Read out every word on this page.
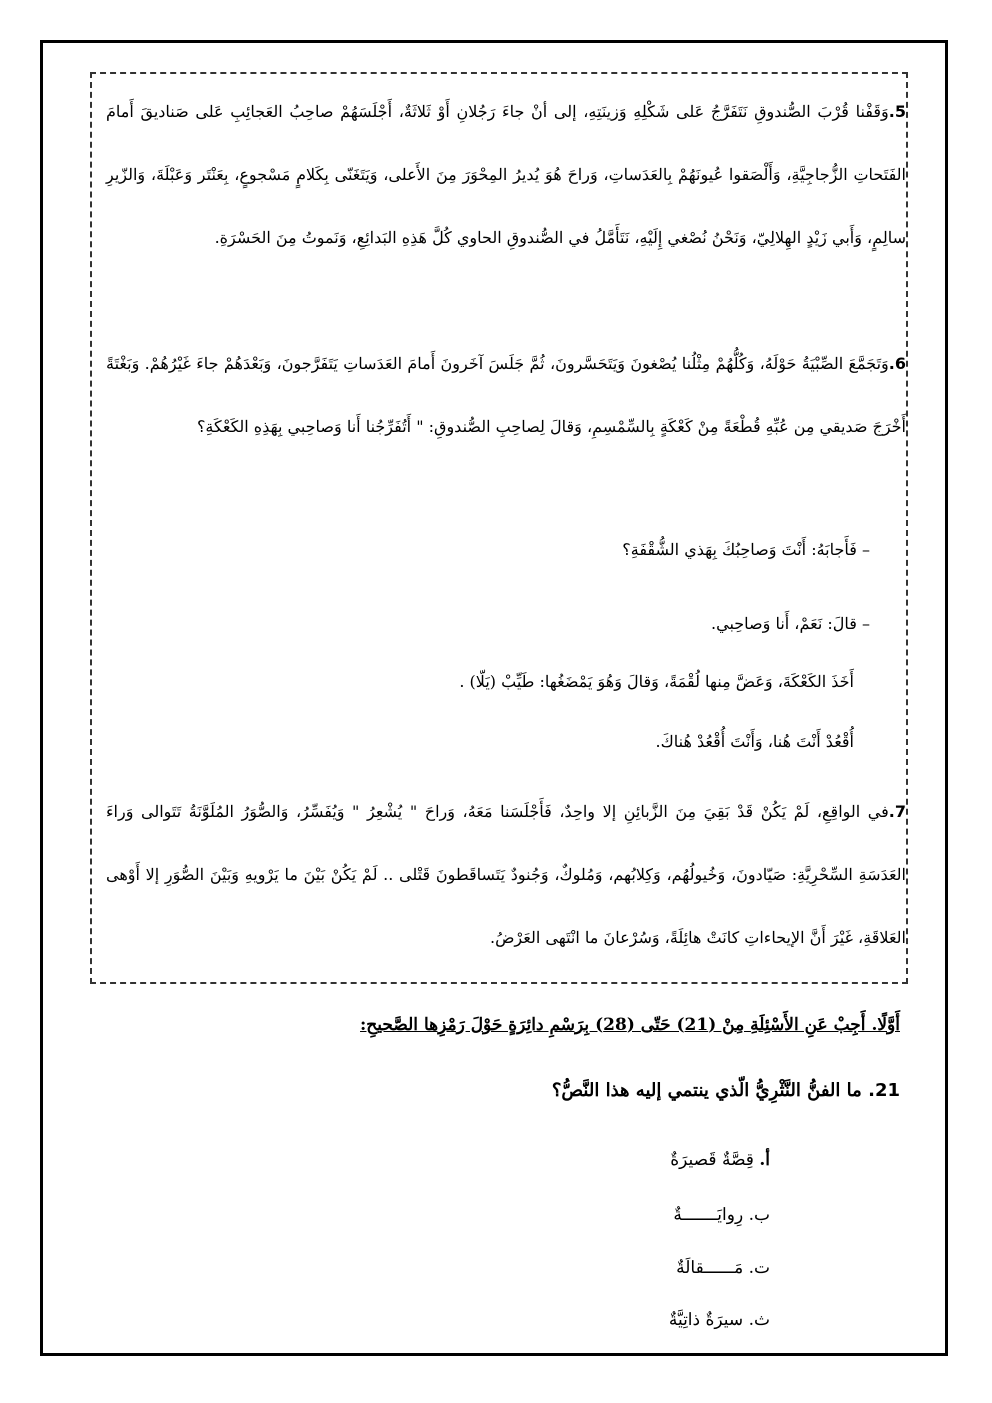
5.وَقَفْنا قُرْبَ الصُّندوقِ نَتَفَرَّجُ عَلى شَكْلِهِ وَزينَتِهِ، إلى أنْ جاءَ رَجُلانِ أَوْ ثَلاثَةٌ، أَجْلَسَهُمْ صاحِبُ العَجائِبِ عَلى صَناديقَ أَمامَ الفَتَحاتِ الزُّجاجِيَّةِ، وَأَلْصَقوا عُيونَهُمْ بِالعَدَساتِ، وَراحَ هُوَ يُديرُ المِحْوَرَ مِنَ الأَعلى، وَيَتَغَنّى بِكَلامٍ مَسْجوعٍ، بِعَنْتَر وَعَبْلَةَ، وَالزّيرِ سالِمٍ، وَأَبي زَيْدٍ الهِلالِيّ، وَنَحْنُ نُصْغي إِلَيْهِ، نَتَأَمَّلُ في الصُّندوقِ الحاوي كُلَّ هَذِهِ البَدائِعِ، وَنَموتُ مِنَ الحَسْرَةِ.

6.وَتَجَمَّعَ الصِّبْيَةُ حَوْلَهُ، وَكُلُّهُمْ مِثْلُنا يُصْغونَ وَيَتَحَسَّرونَ، ثُمَّ جَلَسَ آخَرونَ أَمامَ العَدَساتِ يَتَفَرَّجونَ، وَبَعْدَهُمْ جاءَ غَيْرُهُمْ. وَبَغْتَةً أَخْرَجَ صَديقي مِن عُبِّهِ قُطْعَةً مِنْ كَعْكَةٍ بِالسِّمْسِمِ، وَقالَ لِصاحِبِ الصُّندوقِ: " أَتُفَرِّجُنا أَنا وَصاحِبي بِهَذِهِ الكَعْكَةِ؟

– فَأَجابَهُ: أَنْتَ وَصاحِبُكَ بِهَذي الشُّقْفَةِ؟
– قالَ: نَعَمْ، أَنا وَصاحِبي.
أَخَذَ الكَعْكَةَ، وَعَضَّ مِنها لُقْمَةً، وَقالَ وَهُوَ يَمْضَغُها: طَيِّبْ (يَلّا) .
أُقْعُدْ أَنْتَ هُنا، وَأَنْتَ أُقْعُدْ هُناكَ.

7.في الواقِعِ، لَمْ يَكُنْ قَدْ بَقِيَ مِنَ الزَّبائِنِ إلا واحِدٌ، فَأَجْلَسَنا مَعَهُ، وَراحَ " يُشْعِرُ " وَيُفَسِّرُ، وَالصُّوَرُ المُلَوَّنَةُ تَتَوالى وَراءَ العَدَسَةِ السِّحْرِيَّةِ: صَيّادونَ، وَخُيولُهُم، وَكِلابُهم، وَمُلوكٌ، وَجُنودٌ يَتَساقَطونَ قَتْلى .. لَمْ يَكُنْ بَيْنَ ما يَرْويهِ وَبَيْنَ الصُّوَرِ إلا أَوْهى العَلاقَةِ، غَيْرَ أَنَّ الإيحاءاتِ كانَتْ هائِلَةً، وَسُرْعانَ ما انْتَهى العَرْضُ.

أَوَّلًا. أَجِبْ عَنِ الأَسْئِلَةِ مِنْ (21) حَتّى (28) بِرَسْمِ دائِرَةٍ حَوْلَ رَمْزِها الصَّحيحِ:
21. ما الفنُّ النَّثْرِيُّ الّذي ينتمي إليه هذا النَّصُّ؟
أ. قِصَّةٌ قَصيرَةٌ
ب. رِوايَـــــــةٌ
ت. مَــــــقالَةٌ
ث. سيرَةٌ ذاتِيَّةٌ
